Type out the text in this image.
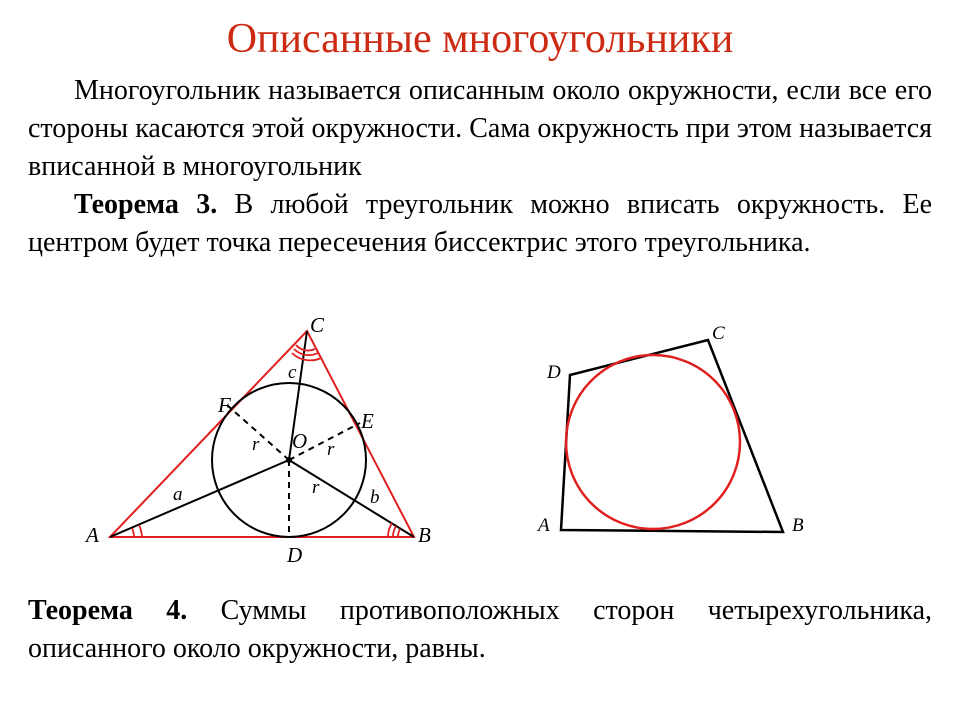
Описанные многоугольники
Многоугольник называется описанным около окружности, если все его стороны касаются этой окружности. Сама окружность при этом называется вписанной в многоугольник
Теорема 3. В любой треугольник можно вписать окружность. Ее центром будет точка пересечения биссектрис этого треугольника.
A	B
C
D
E
F
O
a	b
c
r	r
r
A	B
C
D
Теорема 4. Суммы противоположных сторон четырехугольника, описанного около окружности, равны.
